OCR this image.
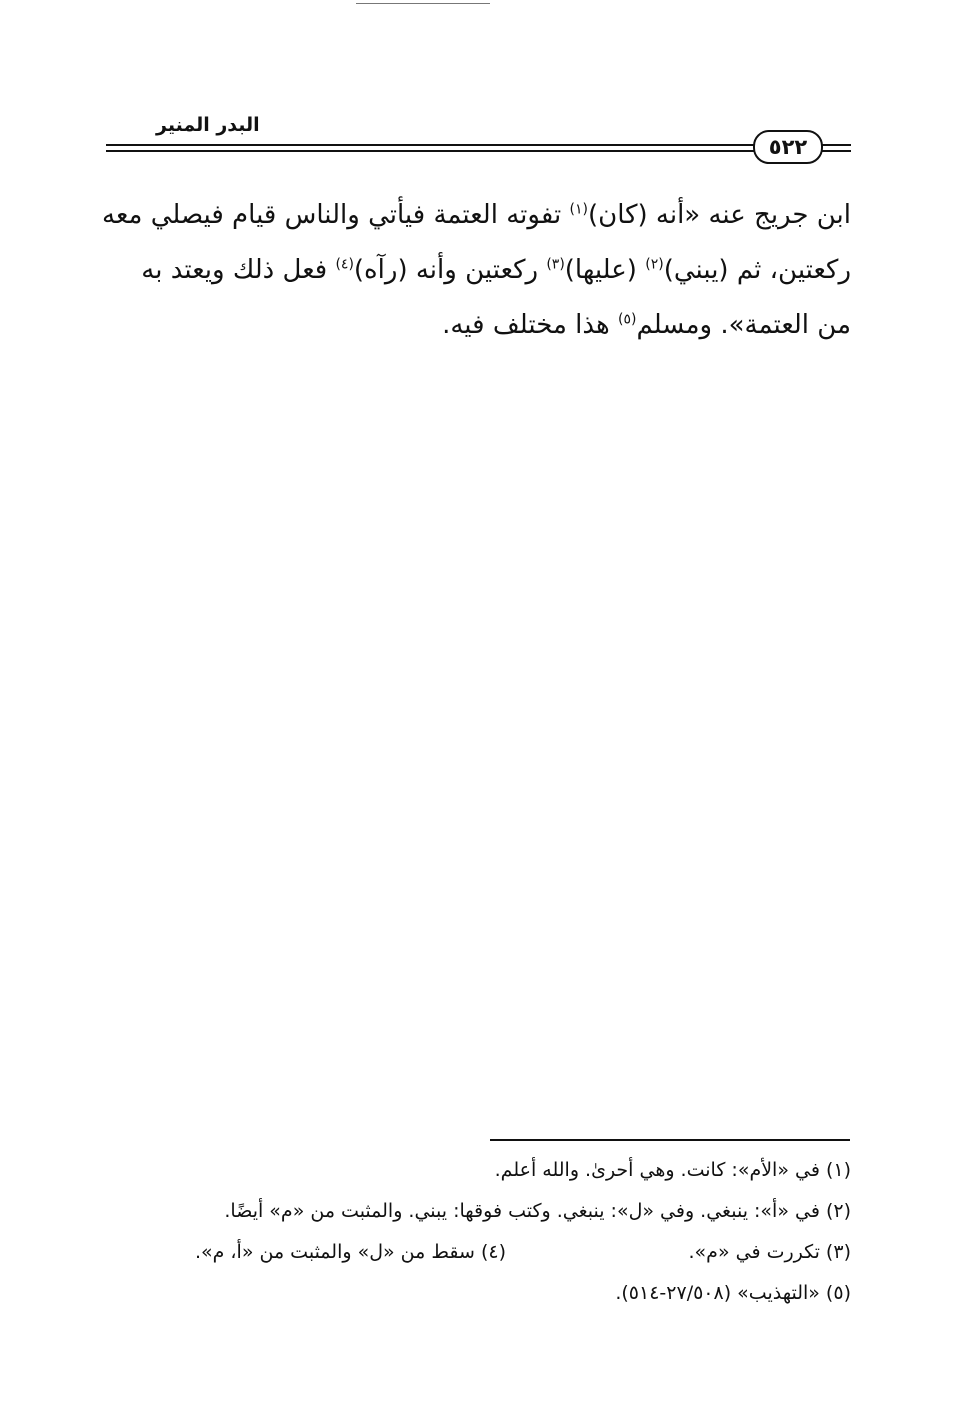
البدر المنير
٥٢٢
ابن جريج عنه «أنه (كان)$^{(١)}$ تفوته العتمة فيأتي والناس قيام فيصلي معه
ركعتين، ثم (يبني)$^{(٢)}$ (عليها)$^{(٣)}$ ركعتين وأنه (رآه)$^{(٤)}$ فعل ذلك ويعتد به
من العتمة». ومسلم$^{(٥)}$ هذا مختلف فيه.
(١) في «الأم»: كانت. وهي أحرىٰ. والله أعلم.
(٢) في «أ»: ينبغي. وفي «ل»: ينبغي. وكتب فوقها: يبني. والمثبت من «م» أيضًا.
(٣) تكررت في «م».
(٤) سقط من «ل» والمثبت من «أ، م».
(٥) «التهذيب» (٢٧/٥٠٨-٥١٤).
